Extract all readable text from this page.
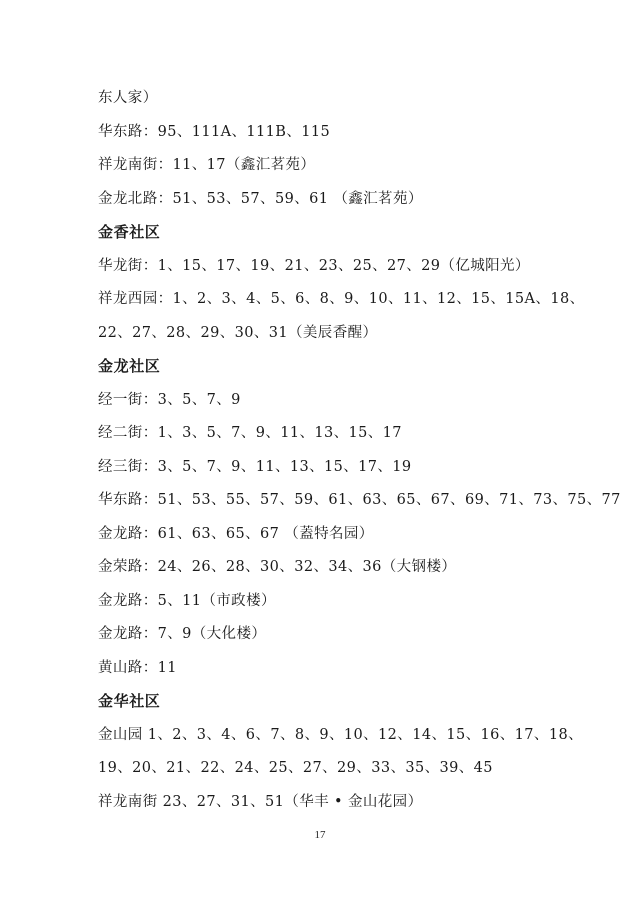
东人家）
华东路：95、111A、111B、115
祥龙南街：11、17（鑫汇茗苑）
金龙北路：51、53、57、59、61 （鑫汇茗苑）
金香社区
华龙街：1、15、17、19、21、23、25、27、29（亿城阳光）
祥龙西园：1、2、3、4、5、6、8、9、10、11、12、15、15A、18、
22、27、28、29、30、31（美辰香醒）
金龙社区
经一街：3、5、7、9
经二街：1、3、5、7、9、11、13、15、17
经三街：3、5、7、9、11、13、15、17、19
华东路：51、53、55、57、59、61、63、65、67、69、71、73、75、77
金龙路：61、63、65、67 （蓋特名园）
金荣路：24、26、28、30、32、34、36（大钢楼）
金龙路：5、11（市政楼）
金龙路：7、9（大化楼）
黄山路：11
金华社区
金山园 1、2、3、4、6、7、8、9、10、12、14、15、16、17、18、
19、20、21、22、24、25、27、29、33、35、39、45
祥龙南街 23、27、31、51（华丰 • 金山花园）
17
